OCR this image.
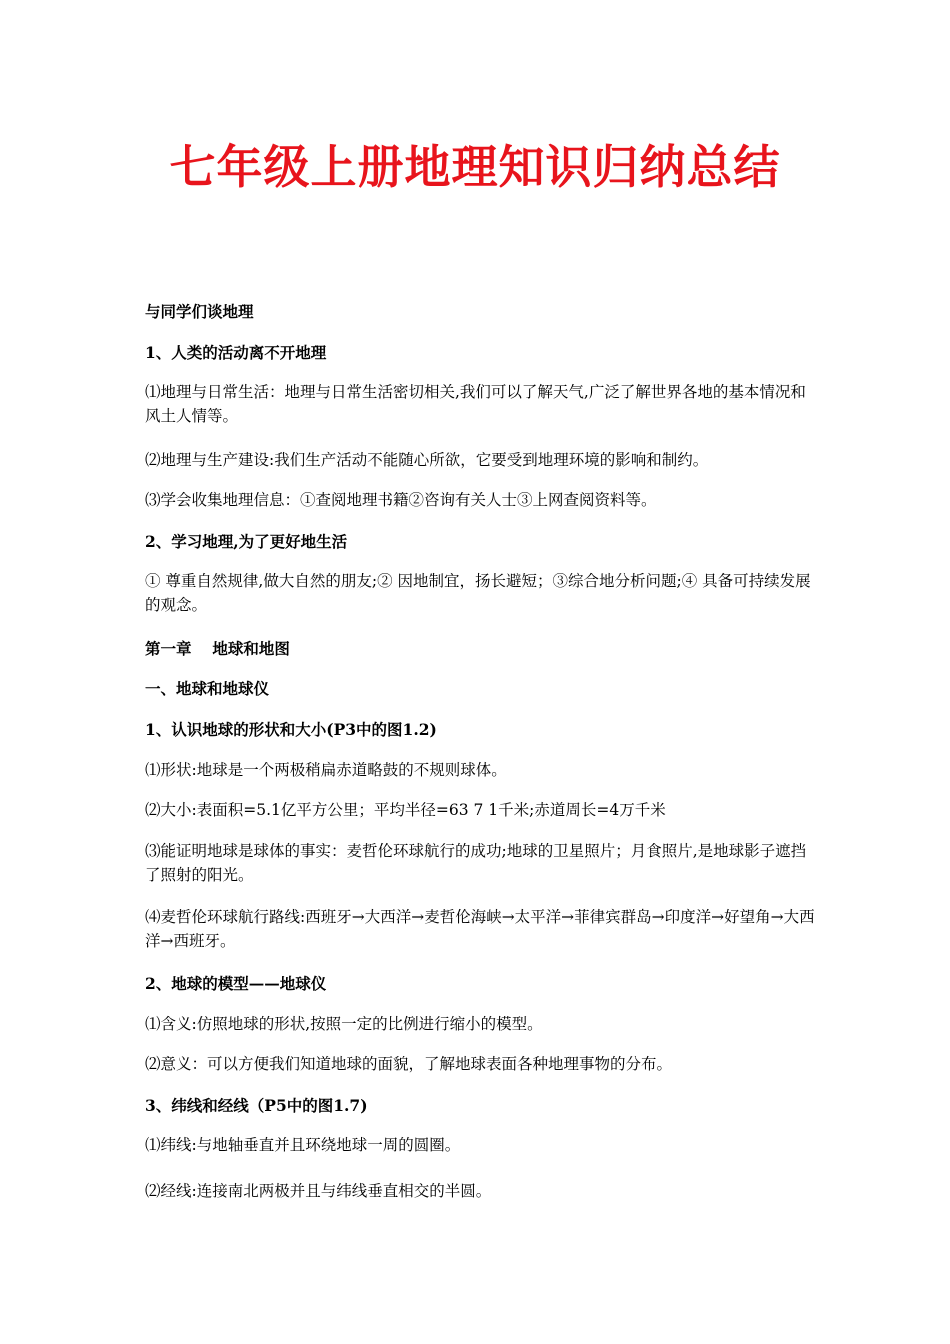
七年级上册地理知识归纳总结
与同学们谈地理
1、人类的活动离不开地理
⑴地理与日常生活：地理与日常生活密切相关,我们可以了解天气,广泛了解世界各地的基本情况和风土人情等。
⑵地理与生产建设:我们生产活动不能随心所欲，它要受到地理环境的影响和制约。
⑶学会收集地理信息：①查阅地理书籍②咨询有关人士③上网查阅资料等。
2、学习地理,为了更好地生活
① 尊重自然规律,做大自然的朋友;② 因地制宜，扬长避短；③综合地分析问题;④ 具备可持续发展的观念。
第一章　 地球和地图
一、地球和地球仪
1、认识地球的形状和大小(P3中的图1.2)
⑴形状:地球是一个两极稍扁赤道略鼓的不规则球体。
⑵大小:表面积=5.1亿平方公里；平均半径=63 7 1千米;赤道周长=4万千米
⑶能证明地球是球体的事实：麦哲伦环球航行的成功;地球的卫星照片；月食照片,是地球影子遮挡了照射的阳光。
⑷麦哲伦环球航行路线:西班牙→大西洋→麦哲伦海峡→太平洋→菲律宾群岛→印度洋→好望角→大西洋→西班牙。
2、地球的模型——地球仪
⑴含义:仿照地球的形状,按照一定的比例进行缩小的模型。
⑵意义：可以方便我们知道地球的面貌，了解地球表面各种地理事物的分布。
3、纬线和经线（P5中的图1.7)
⑴纬线:与地轴垂直并且环绕地球一周的圆圈。
⑵经线:连接南北两极并且与纬线垂直相交的半圆。
